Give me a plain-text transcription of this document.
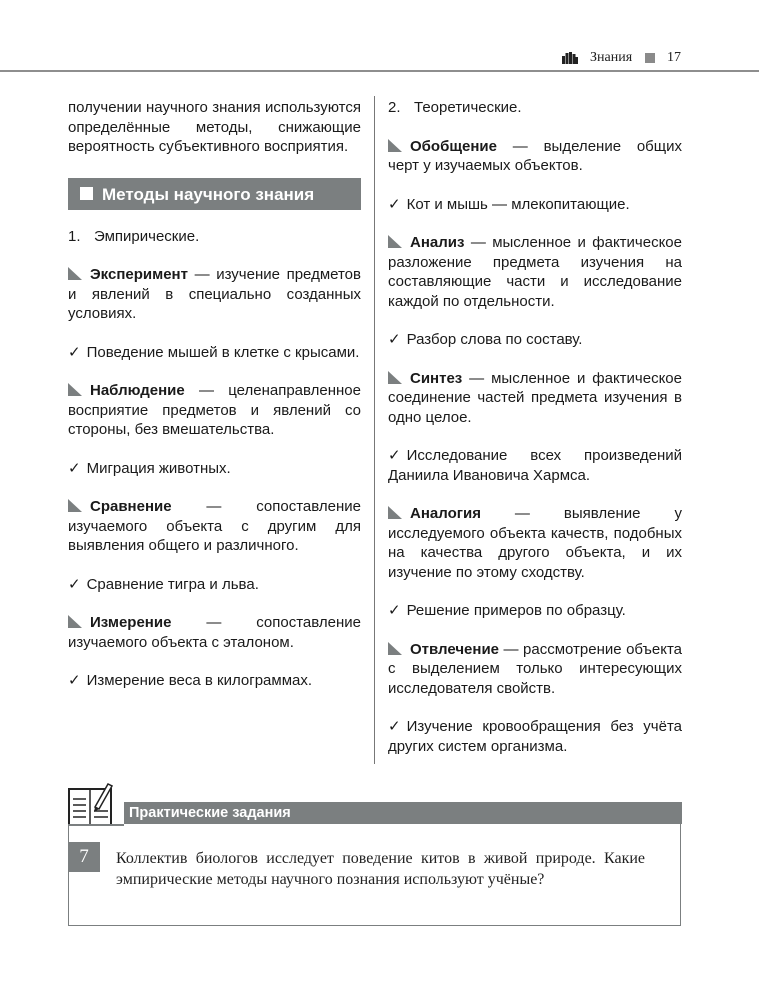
Знания 17

получении научного знания используются определённые методы, снижающие вероятность субъективного восприятия.

Методы научного знания

1. Эмпирические.

Эксперимент — изучение предметов и явлений в специально созданных условиях.

✓ Поведение мышей в клетке с крысами.

Наблюдение — целенаправленное восприятие предметов и явлений со стороны, без вмешательства.

✓ Миграция животных.

Сравнение — сопоставление изучаемого объекта с другим для выявления общего и различного.

✓ Сравнение тигра и льва.

Измерение — сопоставление изучаемого объекта с эталоном.

✓ Измерение веса в килограммах.

2. Теоретические.

Обобщение — выделение общих черт у изучаемых объектов.

✓ Кот и мышь — млекопитающие.

Анализ — мысленное и фактическое разложение предмета изучения на составляющие части и исследование каждой по отдельности.

✓ Разбор слова по составу.

Синтез — мысленное и фактическое соединение частей предмета изучения в одно целое.

✓ Исследование всех произведений Даниила Ивановича Хармса.

Аналогия — выявление у исследуемого объекта качеств, подобных на качества другого объекта, и их изучение по этому сходству.

✓ Решение примеров по образцу.

Отвлечение — рассмотрение объекта с выделением только интересующих исследователя свойств.

✓ Изучение кровообращения без учёта других систем организма.

Практические задания
7	Коллектив биологов исследует поведение китов в живой природе. Какие эмпирические методы научного познания используют учёные?
